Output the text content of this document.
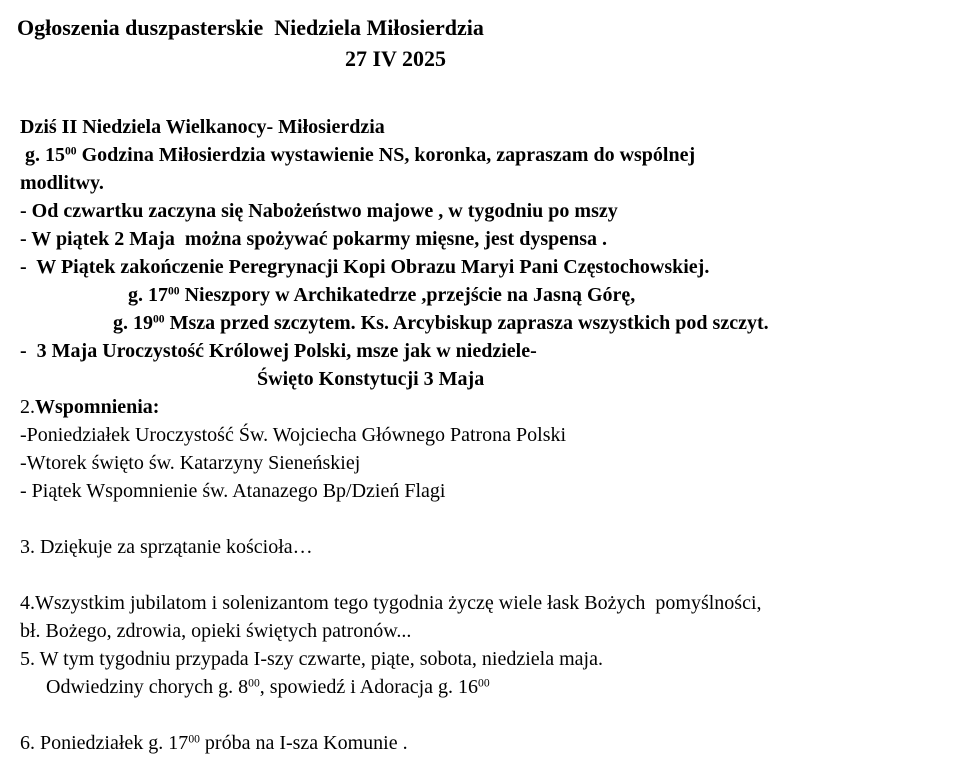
Ogłoszenia duszpasterskie  Niedziela Miłosierdzia

27 IV 2025

Dziś II Niedziela Wielkanocy- Miłosierdzia

g. $15^{00}$ Godzina Miłosierdzia wystawienie NS, koronka, zapraszam do wspólnej

modlitwy.

- Od czwartku zaczyna się Nabożeństwo majowe , w tygodniu po mszy

- W piątek 2 Maja  można spożywać pokarmy mięsne, jest dyspensa .

-  W Piątek zakończenie Peregrynacji Kopi Obrazu Maryi Pani Częstochowskiej.

g. $17^{00}$ Nieszpory w Archikatedrze ,przejście na Jasną Górę,

g. $19^{00}$ Msza przed szczytem. Ks. Arcybiskup zaprasza wszystkich pod szczyt.

-  3 Maja Uroczystość Królowej Polski, msze jak w niedziele-

Święto Konstytucji 3 Maja

2.Wspomnienia:

-Poniedziałek Uroczystość Św. Wojciecha Głównego Patrona Polski

-Wtorek święto św. Katarzyny Sieneńskiej

- Piątek Wspomnienie św. Atanazego Bp/Dzień Flagi

3. Dziękuje za sprzątanie kościoła…

4.Wszystkim jubilatom i solenizantom tego tygodnia życzę wiele łask Bożych  pomyślności,

bł. Bożego, zdrowia, opieki świętych patronów...

5. W tym tygodniu przypada I-szy czwarte, piąte, sobota, niedziela maja.

Odwiedziny chorych g. $8^{00}$, spowiedź i Adoracja g. $16^{00}$

6. Poniedziałek g. $17^{00}$ próba na I-sza Komunie .
